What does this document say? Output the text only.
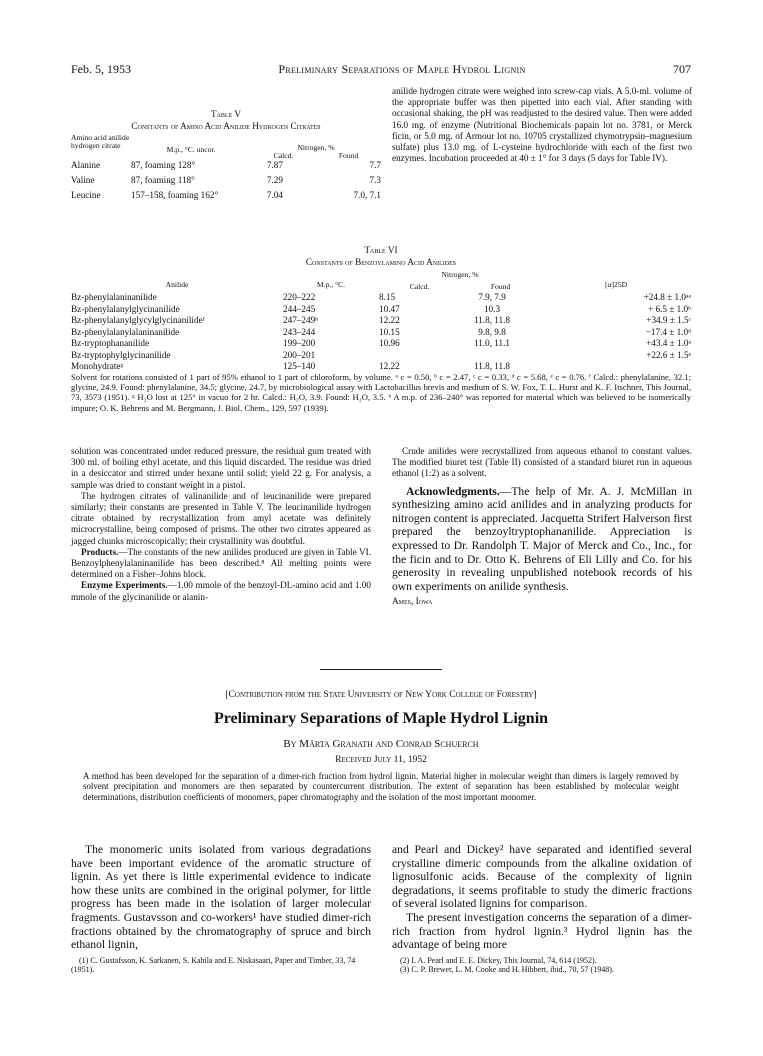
Feb. 5, 1953	Preliminary Separations of Maple Hydrol Lignin	707
Table V
Constants of Amino Acid Anilide Hydrogen Citrates
Amino acid anilide hydrogen citrate	M.p., °C. uncor.	Nitrogen, %
Calcd. Found	

Alanine	87, foaming 128°	7.87	7.7
Valine	87, foaming 118°	7.29	7.3
Leucine	157–158, foaming 162°	7.04	7.0, 7.1
anilide hydrogen citrate were weighed into screw-cap vials. A 5.0-ml. volume of the appropriate buffer was then pipetted into each vial. After standing with occasional shaking, the pH was readjusted to the desired value. Then were added 16.0 mg. of enzyme (Nutritional Biochemicals papain lot no. 3781, or Merck ficin, or 5.0 mg. of Armour lot no. 10705 crystallized chymotrypsin–magnesium sulfate) plus 13.0 mg. of L-cysteine hydrochloride with each of the first two enzymes. Incubation proceeded at 40 ± 1° for 3 days (5 days for Table IV).
Table VI
Constants of Benzoylamino Acid Anilides
Anilide	M.p., °C.	Nitrogen, %
Calcd. Found		[α]25D
Bz-phenylalaninanilide	220–222	8.15	7.9, 7.9	+24.8 ± 1.0ᵃᵃ
Bz-phenylalanylglycinanilide	244–245	10.47	10.3	+ 6.5 ± 1.0ᵇ
Bz-phenylalanylglycylglycinanilideᶠ	247–249ʰ	12.22	11.8, 11.8	+34.9 ± 1.5ᶜ
Bz-phenylalanylalaninanilide	243–244	10.15	9.8, 9.8	−17.4 ± 1.0ᵈ
Bz-tryptophananilide	199–200	10.96	11.0, 11.1	+43.4 ± 1.0ᵃ
Bz-tryptophylglycinanilide	200–201			+22.6 ± 1.5ᵉ
Monohydrateᵍ	125–140	12.22	11.8, 11.8	
Solvent for rotations consisted of 1 part of 95% ethanol to 1 part of chloroform, by volume. ᵃ c = 0.50, ᵇ c = 2.47, ᶜ c = 0.33, ᵈ c = 5.68, ᵉ c = 0.76. ᶠ Calcd.: phenylalanine, 32.1; glycine, 24.9. Found: phenylalanine, 34.5; glycine, 24.7, by microbiological assay with Lactobacillus brevis and medium of S. W. Fox, T. L. Hurst and K. F. Itschner, This Journal, 73, 3573 (1951). ᵍ H₂O lost at 125° in vacuo for 2 hr. Calcd.: H₂O, 3.9. Found: H₂O, 3.5. ʰ A m.p. of 236–240° was reported for material which was believed to be isomerically impure; O. K. Behrens and M. Bergmann, J. Biol. Chem., 129, 597 (1939).

solution was concentrated under reduced pressure, the residual gum treated with 300 ml. of boiling ethyl acetate, and this liquid discarded. The residue was dried in a desiccator and stirred under hexane until solid; yield 22 g. For analysis, a sample was dried to constant weight in a pistol.

The hydrogen citrates of valinanilide and of leucinanilide were prepared similarly; their constants are presented in Table V. The leucinanilide hydrogen citrate obtained by recrystallization from amyl acetate was definitely microcrystalline, being composed of prisms. The other two citrates appeared as jagged chunks microscopically; their crystallinity was doubtful.

Products.—The constants of the new anilides produced are given in Table VI. Benzoylphenylalaninanilide has been described.⁸ All melting points were determined on a Fisher–Johns block.

Enzyme Experiments.—1.00 mmole of the benzoyl-DL-amino acid and 1.00 mmole of the glycinanilide or alanin-

Crude anilides were recrystallized from aqueous ethanol to constant values. The modified biuret test (Table II) consisted of a standard biuret run in aqueous ethanol (1:2) as a solvent.

Acknowledgments.—The help of Mr. A. J. McMillan in synthesizing amino acid anilides and in analyzing products for nitrogen content is appreciated. Jacquetta Strifert Halverson first prepared the benzoyltryptophananilide. Appreciation is expressed to Dr. Randolph T. Major of Merck and Co., Inc., for the ficin and to Dr. Otto K. Behrens of Eli Lilly and Co. for his generosity in revealing unpublished notebook records of his own experiments on anilide synthesis.

Ames, Iowa
[Contribution from the State University of New York College of Forestry]
Preliminary Separations of Maple Hydrol Lignin
By Märta Granath and Conrad Schuerch
Received July 11, 1952
A method has been developed for the separation of a dimer-rich fraction from hydrol lignin. Material higher in molecular weight than dimers is largely removed by solvent precipitation and monomers are then separated by countercurrent distribution. The extent of separation has been established by molecular weight determinations, distribution coefficients of monomers, paper chromatography and the isolation of the most important monomer.

The monomeric units isolated from various degradations have been important evidence of the aromatic structure of lignin. As yet there is little experimental evidence to indicate how these units are combined in the original polymer, for little progress has been made in the isolation of larger molecular fragments. Gustavsson and co-workers¹ have studied dimer-rich fractions obtained by the chromatography of spruce and birch ethanol lignin,

(1) C. Gustafsson, K. Sarkanen, S. Kahila and E. Niskasaari, Paper and Timber, 33, 74 (1951).

and Pearl and Dickey² have separated and identified several crystalline dimeric compounds from the alkaline oxidation of lignosulfonic acids. Because of the complexity of lignin degradations, it seems profitable to study the dimeric fractions of several isolated lignins for comparison.

The present investigation concerns the separation of a dimer-rich fraction from hydrol lignin.³ Hydrol lignin has the advantage of being more

(2) I. A. Pearl and E. E. Dickey, This Journal, 74, 614 (1952).
(3) C. P. Brewer, L. M. Cooke and H. Hibbert, ibid., 70, 57 (1948).
